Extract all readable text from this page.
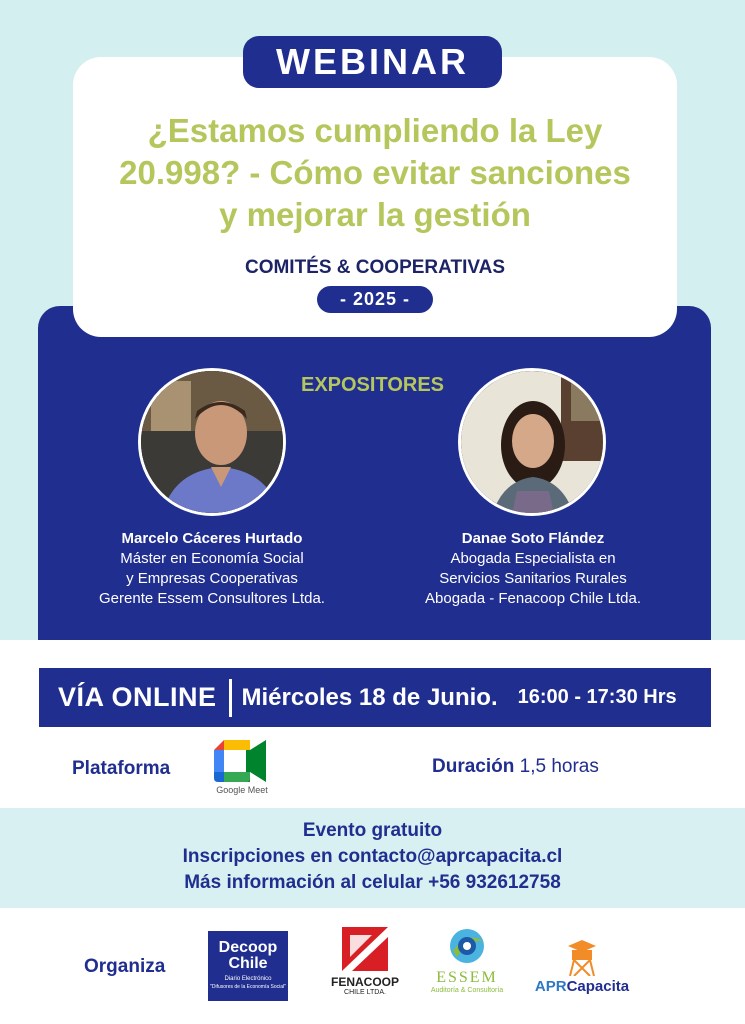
¿Estamos cumpliendo la Ley
20.998? - Cómo evitar sanciones
y mejorar la gestión
COMITÉS & COOPERATIVAS
- 2025 -
WEBINAR
EXPOSITORES
Marcelo Cáceres Hurtado
Máster en Economía Social
y Empresas Cooperativas
Gerente Essem Consultores Ltda.
Danae Soto Flández
Abogada Especialista en
Servicios Sanitarios Rurales
Abogada - Fenacoop Chile Ltda.
VÍA ONLINE Miércoles 18 de Junio. 16:00 - 17:30 Hrs
Plataforma
Google Meet
Duración 1,5 horas
Evento gratuito
Inscripciones en contacto@aprcapacita.cl
Más información al celular +56 932612758
Organiza
Decoop Chile
Diario Electrónico
"Difusores de la Economía Social"	FENACOOP
CHILE LTDA.
ESSEM
Auditoría & Consultoría	APRCapacita
